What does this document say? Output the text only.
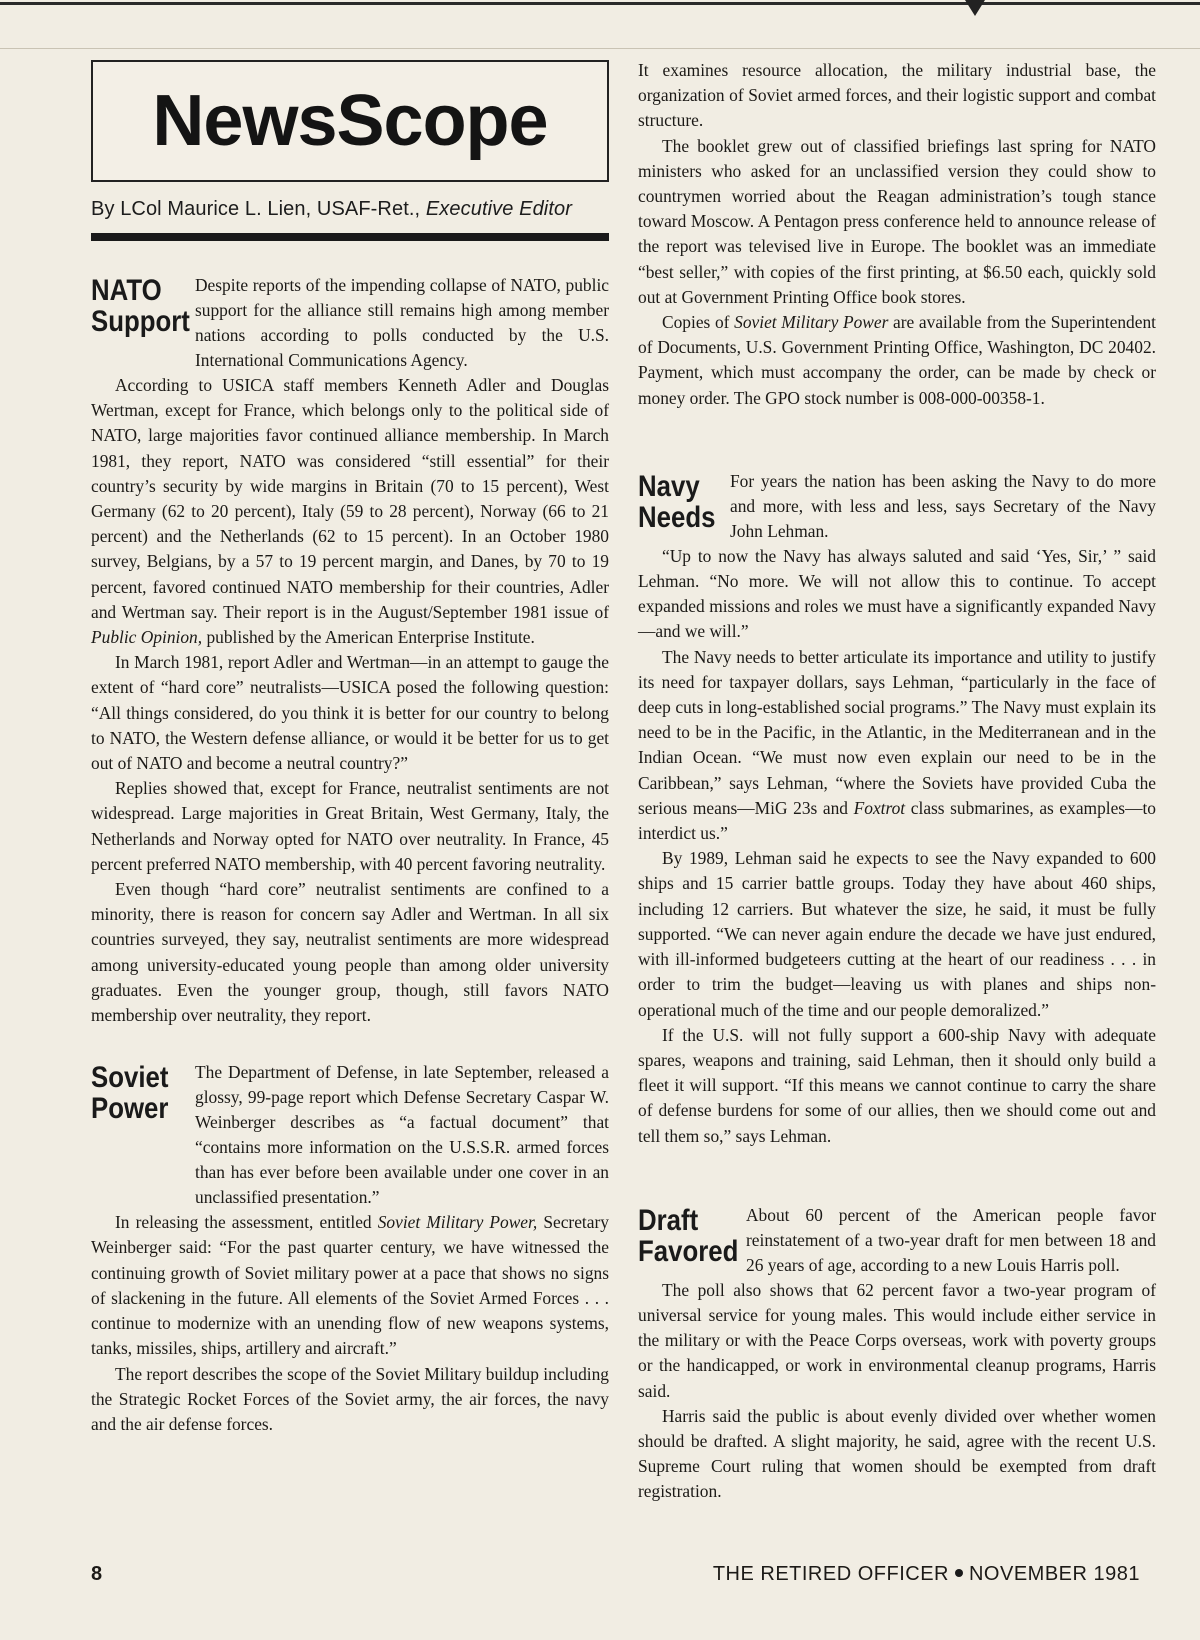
NewsScope
By LCol Maurice L. Lien, USAF-Ret., Executive Editor
NATO
Support

Despite reports of the impending collapse of NATO, public support for the alliance still remains high among member nations according to polls conducted by the U.S. International Communications Agency.

According to USICA staff members Kenneth Adler and Douglas Wertman, except for France, which belongs only to the political side of NATO, large majorities favor continued alliance membership. In March 1981, they report, NATO was considered “still essential” for their country’s security by wide margins in Britain (70 to 15 percent), West Germany (62 to 20 percent), Italy (59 to 28 percent), Norway (66 to 21 percent) and the Netherlands (62 to 15 percent). In an October 1980 survey, Belgians, by a 57 to 19 percent margin, and Danes, by 70 to 19 percent, favored continued NATO membership for their countries, Adler and Wertman say. Their report is in the August/September 1981 issue of Public Opinion, published by the American Enterprise Institute.

In March 1981, report Adler and Wertman—in an attempt to gauge the extent of “hard core” neutralists—USICA posed the following question: “All things considered, do you think it is better for our country to belong to NATO, the Western defense alliance, or would it be better for us to get out of NATO and become a neutral country?”

Replies showed that, except for France, neutralist sentiments are not widespread. Large majorities in Great Britain, West Germany, Italy, the Netherlands and Norway opted for NATO over neutrality. In France, 45 percent preferred NATO membership, with 40 percent favoring neutrality.

Even though “hard core” neutralist sentiments are confined to a minority, there is reason for concern say Adler and Wertman. In all six countries surveyed, they say, neutralist sentiments are more widespread among university-educated young people than among older university graduates. Even the younger group, though, still favors NATO membership over neutrality, they report.

Soviet
Power

The Department of Defense, in late September, released a glossy, 99-page report which Defense Secretary Caspar W. Weinberger describes as “a factual document” that “contains more information on the U.S.S.R. armed forces than has ever before been available under one cover in an unclassified presentation.”

In releasing the assessment, entitled Soviet Military Power, Secretary Weinberger said: “For the past quarter century, we have witnessed the continuing growth of Soviet military power at a pace that shows no signs of slackening in the future. All elements of the Soviet Armed Forces . . . continue to modernize with an unending flow of new weapons systems, tanks, missiles, ships, artillery and aircraft.”

The report describes the scope of the Soviet Military buildup including the Strategic Rocket Forces of the Soviet army, the air forces, the navy and the air defense forces.

It examines resource allocation, the military industrial base, the organization of Soviet armed forces, and their logistic support and combat structure.

The booklet grew out of classified briefings last spring for NATO ministers who asked for an unclassified version they could show to countrymen worried about the Reagan administration’s tough stance toward Moscow. A Pentagon press conference held to announce release of the report was televised live in Europe. The booklet was an immediate “best seller,” with copies of the first printing, at $6.50 each, quickly sold out at Government Printing Office book stores.

Copies of Soviet Military Power are available from the Superintendent of Documents, U.S. Government Printing Office, Washington, DC 20402. Payment, which must accompany the order, can be made by check or money order. The GPO stock number is 008-000-00358-1.

Navy
Needs

For years the nation has been asking the Navy to do more and more, with less and less, says Secretary of the Navy John Lehman.

“Up to now the Navy has always saluted and said ‘Yes, Sir,’ ” said Lehman. “No more. We will not allow this to continue. To accept expanded missions and roles we must have a significantly expanded Navy—and we will.”

The Navy needs to better articulate its importance and utility to justify its need for taxpayer dollars, says Lehman, “particularly in the face of deep cuts in long-established social programs.” The Navy must explain its need to be in the Pacific, in the Atlantic, in the Mediterranean and in the Indian Ocean. “We must now even explain our need to be in the Caribbean,” says Lehman, “where the Soviets have provided Cuba the serious means—MiG 23s and Foxtrot class submarines, as examples—to interdict us.”

By 1989, Lehman said he expects to see the Navy expanded to 600 ships and 15 carrier battle groups. Today they have about 460 ships, including 12 carriers. But whatever the size, he said, it must be fully supported. “We can never again endure the decade we have just endured, with ill-informed budgeteers cutting at the heart of our readiness . . . in order to trim the budget—leaving us with planes and ships non-operational much of the time and our people demoralized.”

If the U.S. will not fully support a 600-ship Navy with adequate spares, weapons and training, said Lehman, then it should only build a fleet it will support. “If this means we cannot continue to carry the share of defense burdens for some of our allies, then we should come out and tell them so,” says Lehman.

Draft
Favored

About 60 percent of the American people favor reinstatement of a two-year draft for men between 18 and 26 years of age, according to a new Louis Harris poll.

The poll also shows that 62 percent favor a two-year program of universal service for young males. This would include either service in the military or with the Peace Corps overseas, work with poverty groups or the handicapped, or work in environmental cleanup programs, Harris said.

Harris said the public is about evenly divided over whether women should be drafted. A slight majority, he said, agree with the recent U.S. Supreme Court ruling that women should be exempted from draft registration.

8	THE RETIRED OFFICER NOVEMBER 1981
